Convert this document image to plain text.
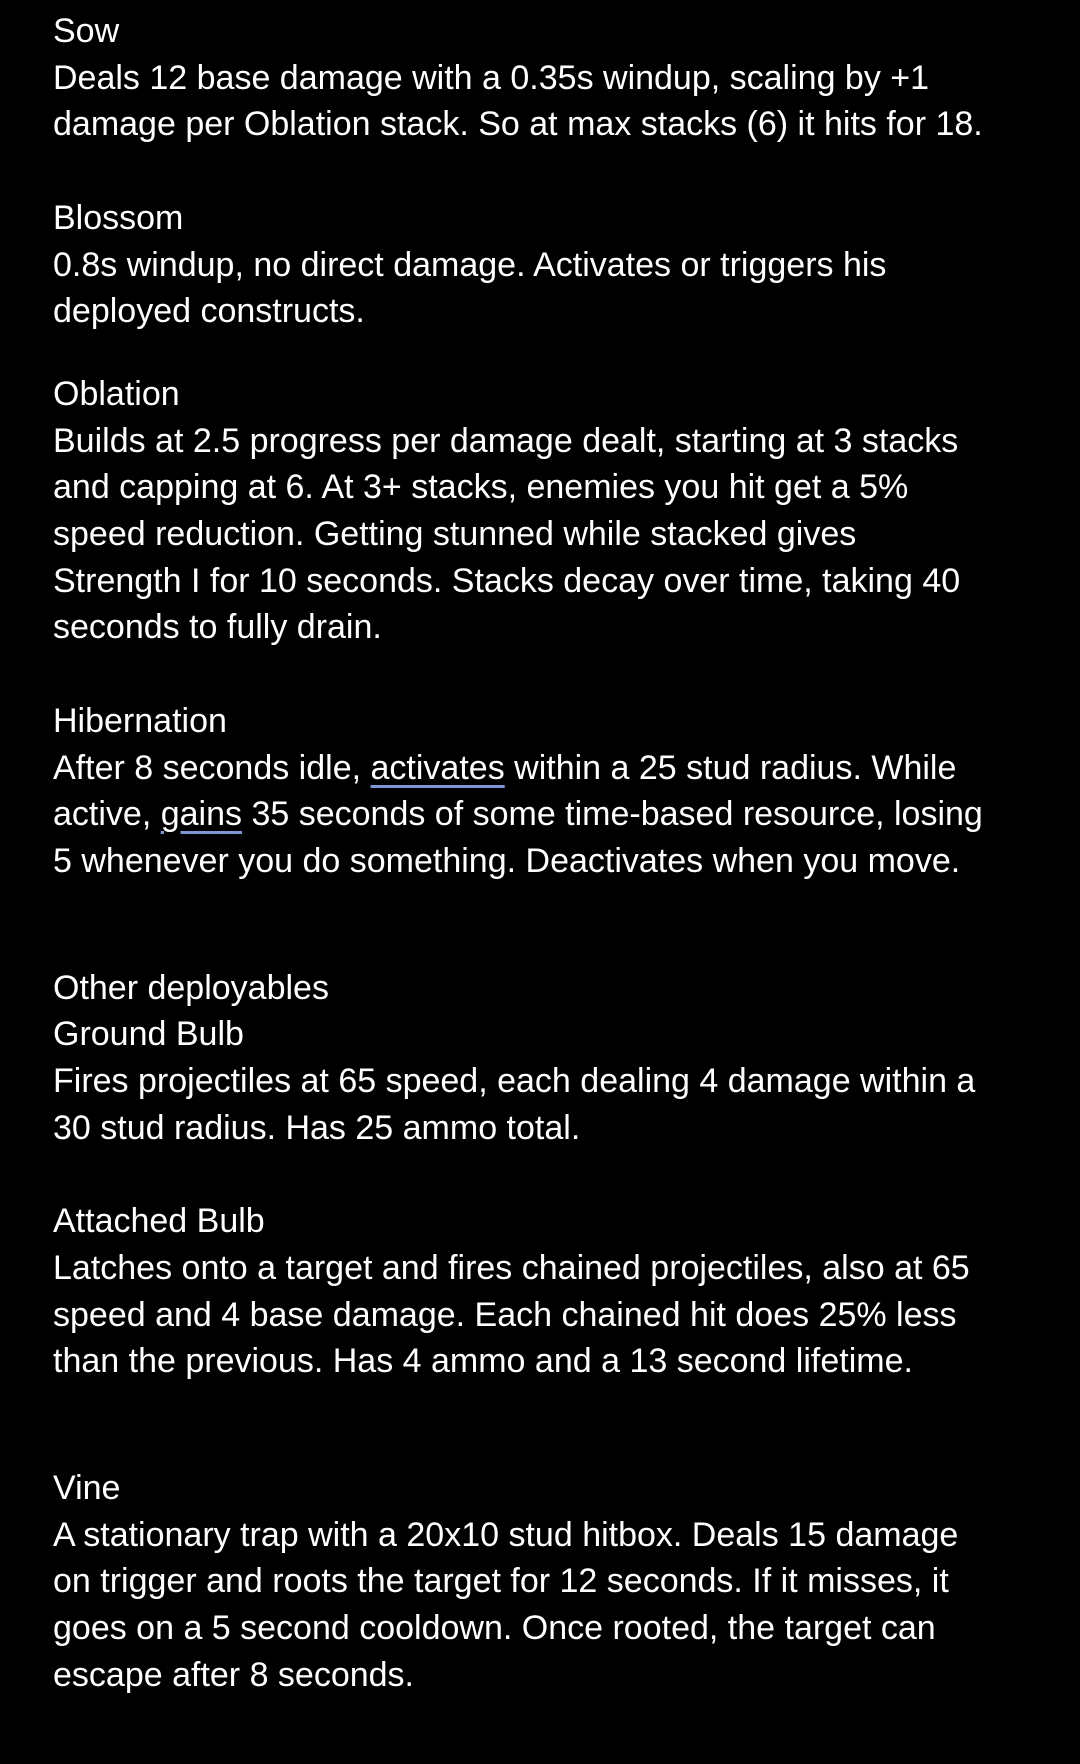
Sow
Deals 12 base damage with a 0.35s windup, scaling by +1
damage per Oblation stack. So at max stacks (6) it hits for 18.
Blossom
0.8s windup, no direct damage. Activates or triggers his
deployed constructs.
Oblation
Builds at 2.5 progress per damage dealt, starting at 3 stacks
and capping at 6. At 3+ stacks, enemies you hit get a 5%
speed reduction. Getting stunned while stacked gives
Strength I for 10 seconds. Stacks decay over time, taking 40
seconds to fully drain.
Hibernation
After 8 seconds idle, activates within a 25 stud radius. While
active, gains 35 seconds of some time-based resource, losing
5 whenever you do something. Deactivates when you move.
Other deployables
Ground Bulb
Fires projectiles at 65 speed, each dealing 4 damage within a
30 stud radius. Has 25 ammo total.
Attached Bulb
Latches onto a target and fires chained projectiles, also at 65
speed and 4 base damage. Each chained hit does 25% less
than the previous. Has 4 ammo and a 13 second lifetime.
Vine
A stationary trap with a 20x10 stud hitbox. Deals 15 damage
on trigger and roots the target for 12 seconds. If it misses, it
goes on a 5 second cooldown. Once rooted, the target can
escape after 8 seconds.
